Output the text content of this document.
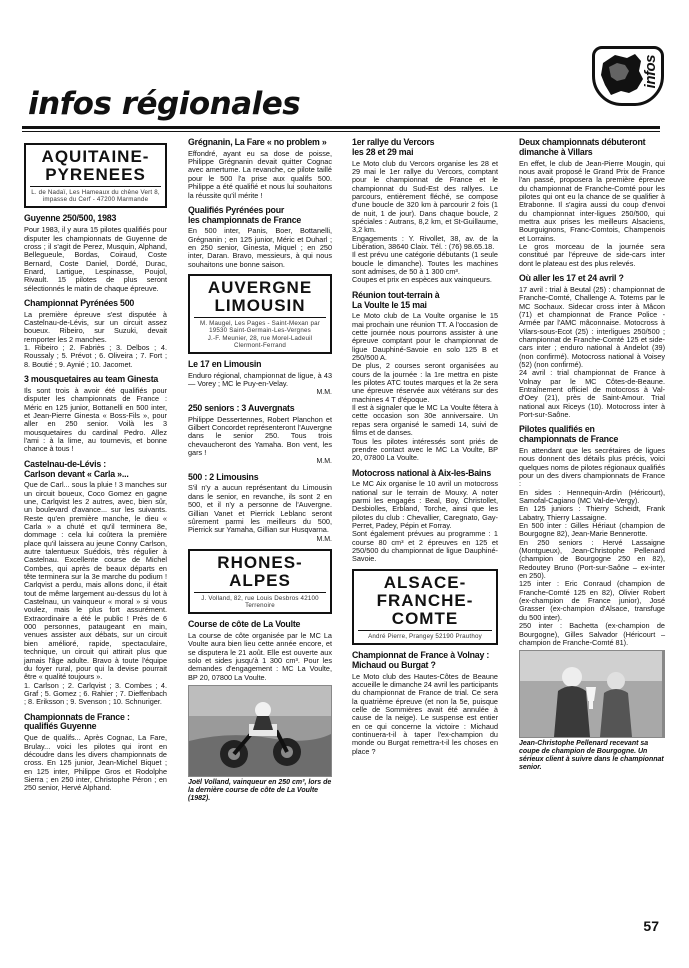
infos
infos régionales
AQUITAINE-
PYRENEES
L. de Nadaï, Les Hameaux du chêne Vert 8, impasse du Cerf - 47200 Marmande
Guyenne 250/500, 1983
Pour 1983, il y aura 15 pilotes qualifiés pour disputer les championnats de Guyenne de cross ; il s'agit de Perez, Musquin, Alphand, Bellegueule, Bordas, Coiraud, Coste Bernard, Coste Daniel, Dordé, Durac, Enard, Lartigue, Lespinasse, Poujol, Rivault. 15 pilotes de plus seront sélectionnés le matin de chaque épreuve.
Championnat Pyrénées 500
La première épreuve s'est disputée à Castelnau-de-Lévis, sur un circuit assez boueux. Ribeiro, sur Suzuki, devait remporter les 2 manches.
1. Ribeiro ; 2. Fabriès ; 3. Delbos ; 4. Roussaly ; 5. Prévot ; 6. Oliveira ; 7. Fort ; 8. Boutié ; 9. Aynié ; 10. Jacomet.
3 mousquetaires au team Ginesta
Ils sont trois à avoir été qualifiés pour disputer les championnats de France : Méric en 125 junior, Bottanelli en 500 inter, et Jean-Pierre Ginesta « Boss-Fils », pour aller en 250 senior. Voilà les 3 mousquetaires du cardinal Pedro. Allez l'ami : à la lime, au tournevis, et bonne chance à tous !
Castelnau-de-Lévis :
Carlson devant « Carla »...
Que de Carl... sous la pluie ! 3 manches sur un circuit boueux, Coco Gomez en gagne une, Carlqvist les 2 autres, avec, bien sûr, un boulevard d'avance... sur les suivants. Reste qu'en première manche, le dieu « Carla » a chuté et qu'il terminera 8e, dommage : cela lui coûtera la première place qu'il laissera au jeune Conny Carlson, autre talentueux Suédois, très régulier à Castelnau. Excellente course de Michel Combes, qui après de beaux départs en tête terminera sur la 3e marche du podium ! Carlqvist a perdu, mais allons donc, il était tout de même largement au-dessus du lot à Castelnau, un vainqueur « moral » si vous voulez, mais le plus fort assurément. Extraordinaire a été le public ! Près de 6 000 personnes, pataugeant en main, venues assister aux débats, sur un circuit bien amélioré, rapide, spectaculaire, technique, un circuit qui attirait plus que jamais l'âge adulte. Bravo à toute l'équipe du foyer rural, pour qui la devise pourrait être « qualité toujours ».
1. Carlson ; 2. Carlqvist ; 3. Combes ; 4. Graf ; 5. Gomez ; 6. Rahier ; 7. Dieffenbach ; 8. Eriksson ; 9. Svenson ; 10. Schnuriger.
Championnats de France :
qualifiés Guyenne
Que de qualifs... Après Cognac, La Fare, Brulay... voici les pilotes qui iront en découdre dans les divers championnats de cross. En 125 junior, Jean-Michel Biquet ; en 125 inter, Philippe Gros et Rodolphe Sierra ; en 250 inter, Christophe Péron ; en 250 senior, Hervé Alphand.
Grégnanin, La Fare « no problem »
Effondré, ayant eu sa dose de poisse, Philippe Grégnanin devait quitter Cognac avec amertume. La revanche, ce pilote taillé pour le 500 l'a prise aux qualifs 500. Philippe a été qualifié et nous lui souhaitons la réussite qu'il mérite !
Qualifiés Pyrénées pour
les championnats de France
En 500 inter, Panis, Boer, Bottanelli, Grégnanin ; en 125 junior, Méric et Duharl ; en 250 senior, Ginesta, Miquel ; en 250 inter, Daran. Bravo, messieurs, à qui nous souhaitons une bonne saison.
AUVERGNE
LIMOUSIN
M. Maugel, Les Pages - Saint-Mexan par 19530 Saint-Germain-Les-Vergnes
J.-F. Meunier, 28, rue Morel-Ladeuil Clermont-Ferrand
Le 17 en Limousin
Enduro régional, championnat de ligue, à 43 — Vorey ; MC le Puy-en-Velay.
M.M.
250 seniors : 3 Auvergnats
Philippe Dessertennes, Robert Planchon et Gilbert Concordet représenteront l'Auvergne dans le senior 250. Tous trois chevaucheront des Yamaha. Bon vent, les gars !
M.M.
500 : 2 Limousins
S'il n'y a aucun représentant du Limousin dans le senior, en revanche, ils sont 2 en 500, et il n'y a personne de l'Auvergne. Gillian Vanet et Pierrick Leblanc seront sûrement parmi les meilleurs du 500, Pierrick sur Yamaha, Gillian sur Husqvarna.
M.M.
RHONES-
ALPES
J. Volland, 82, rue Louis Desbros 42100 Terrenoire
Course de côte de La Voulte
La course de côte organisée par le MC La Voulte aura bien lieu cette année encore, et se disputera le 21 août. Elle est ouverte aux solo et sides jusqu'à 1 300 cm³. Pour les demandes d'engagement : MC La Voulte, BP 20, 07800 La Voulte.
Joël Volland, vainqueur en 250 cm³, lors de la dernière course de côte de La Voulte (1982).
1er rallye du Vercors
les 28 et 29 mai
Le Moto club du Vercors organise les 28 et 29 mai le 1er rallye du Vercors, comptant pour le championnat de France et le championnat du Sud-Est des rallyes. Le parcours, entièrement fléché, se compose d'une boucle de 320 km à parcourir 2 fois (1 de nuit, 1 de jour). Dans chaque boucle, 2 spéciales : Autrans, 8,2 km, et St-Guillaume, 3,2 km.
Engagements : Y. Rivollet, 38, av. de la Libération, 38640 Claix. Tél. : (76) 98.65.18.
Il est prévu une catégorie débutants (1 seule boucle le dimanche). Toutes les machines sont admises, de 50 à 1 300 cm³.
Coupes et prix en espèces aux vainqueurs.
Réunion tout-terrain à
La Voulte le 15 mai
Le Moto club de La Voulte organise le 15 mai prochain une réunion TT. A l'occasion de cette journée nous pourrons assister à une épreuve comptant pour le championnat de ligue Dauphiné-Savoie en solo 125 B et 250/500 A.
De plus, 2 courses seront organisées au cours de la journée : la 1re mettra en piste les pilotes ATC toutes marques et la 2e sera une épreuve réservée aux vétérans sur des machines 4 T d'époque.
Il est à signaler que le MC La Voulte fêtera à cette occasion son 30e anniversaire. Un repas sera organisé le samedi 14, suivi de films et de danses.
Tous les pilotes intéressés sont priés de prendre contact avec le MC La Voulte, BP 20, 07800 La Voulte.
Motocross national à Aix-les-Bains
Le MC Aix organise le 10 avril un motocross national sur le terrain de Mouxy. A noter parmi les engagés : Beal, Boy, Christollet, Desbiolles, Erbland, Torche, ainsi que les pilotes du club : Chevallier, Caregnato, Gay-Perret, Padey, Pépin et Forray.
Sont également prévues au programme : 1 course 80 cm³ et 2 épreuves en 125 et 250/500 du championnat de ligue Dauphiné-Savoie.
ALSACE-
FRANCHE-
COMTE
André Pierre, Prangey 52190 Prauthoy
Championnat de France à Volnay :
Michaud ou Burgat ?
Le Moto club des Hautes-Côtes de Beaune accueille le dimanche 24 avril les participants du championnat de France de trial. Ce sera la quatrième épreuve (et non la 5e, puisque celle de Sommières avait été annulée à cause de la neige). Le suspense est entier en ce qui concerne la victoire : Michaud continuera-t-il à taper l'ex-champion du monde ou Burgat remettra-t-il les choses en place ?
Deux championnats débuteront
dimanche à Villars
En effet, le club de Jean-Pierre Mougin, qui nous avait proposé le Grand Prix de France l'an passé, proposera la première épreuve du championnat de Franche-Comté pour les pilotes qui ont eu la chance de se qualifier à Etrabonne. Il s'agira aussi du coup d'envoi du championnat inter-ligues 250/500, qui mettra aux prises les meilleurs Alsaciens, Bourguignons, Franc-Comtois, Champenois et Lorrains.
Le gros morceau de la journée sera constitué par l'épreuve de side-cars inter dont le plateau est des plus relevés.
Où aller les 17 et 24 avril ?
17 avril : trial à Beutal (25) : championnat de Franche-Comté, Challenge A. Totems par le MC Sochaux. Sidecar cross inter à Mâcon (71) et championnat de France Police - Armée par l'AMC mâconnaise. Motocross à Vilars-sous-Ecot (25) : interligues 250/500 ; championnat de Franche-Comté 125 et side-cars inter ; enduro national à Andelot (39) (non confirmé). Motocross national à Voisey (52) (non confirmé).
24 avril : trial championnat de France à Volnay par le MC Côtes-de-Beaune. Entraînement officiel de motocross à Val-d'Oey (21), près de Saint-Amour. Trial national aux Riceys (10). Motocross inter à Port-sur-Saône.
Pilotes qualifiés en
championnats de France
En attendant que les secrétaires de ligues nous donnent des détails plus précis, voici quelques noms de pilotes régionaux qualifiés pour un des divers championnats de France :
En sides : Hennequin-Ardin (Héricourt), Samofal-Cagiano (MC Val-de-Vergy).
En 125 juniors : Thierry Scheidt, Frank Labatry, Thierry Lassaigne.
En 500 inter : Gilles Hériaut (champion de Bourgogne 82), Jean-Marie Bennerotte.
En 250 seniors : Hervé Lassaigne (Montgueux), Jean-Christophe Pellenard (champion de Bourgogne 250 en 82), Redoutey Bruno (Port-sur-Saône – ex-inter en 250).
125 inter : Eric Conraud (champion de Franche-Comté 125 en 82), Olivier Robert (ex-champion de France junior), José Grasser (ex-champion d'Alsace, transfuge du 500 inter).
250 inter : Bachetta (ex-champion de Bourgogne), Gilles Salvador (Héricourt – champion de Franche-Comté 81).
Jean-Christophe Pellenard recevant sa coupe de champion de Bourgogne. Un sérieux client à suivre dans le championnat senior.
57
